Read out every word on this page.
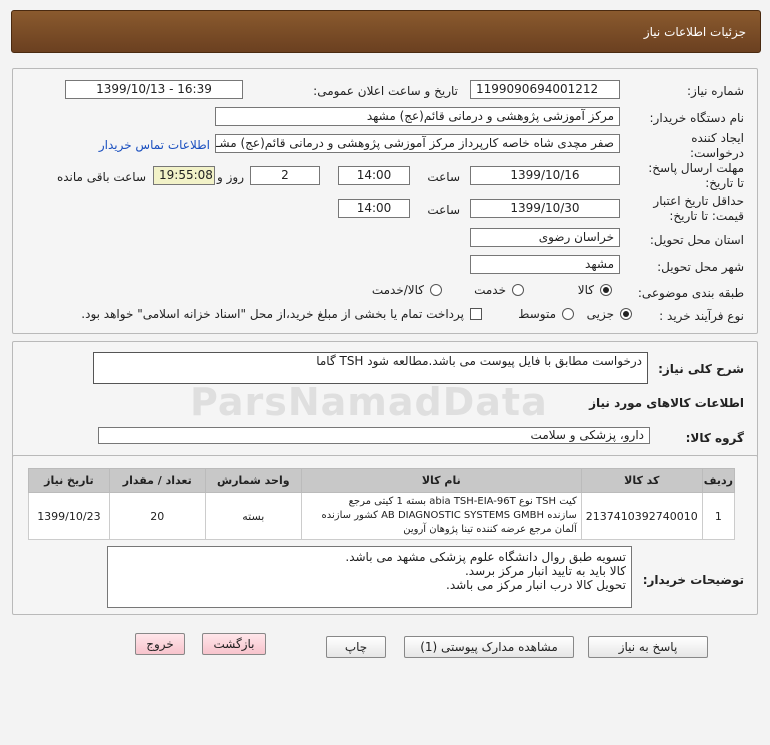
جزئیات اطلاعات نیاز
شماره نیاز:
1199090694001212
تاریخ و ساعت اعلان عمومی:
1399/10/13 - 16:39
نام دستگاه خریدار:
مرکز آموزشی پژوهشی و درمانی قائم(عج) مشهد
ایجاد کننده درخواست:
صفر مچدی شاه خاصه کارپرداز مرکز آموزشی پژوهشی و درمانی قائم(عج) مشـ
اطلاعات تماس خریدار
مهلت ارسال پاسخ: تا تاریخ:
1399/10/16
ساعت
14:00
2
روز و
19:55:08
ساعت باقی مانده
حداقل تاریخ اعتبار قیمت: تا تاریخ:
1399/10/30
ساعت
14:00
استان محل تحویل:
خراسان رضوی
شهر محل تحویل:
مشهد
طبقه بندی موضوعی:
کالا
خدمت
کالا/خدمت
نوع فرآیند خرید :
جزیی
متوسط
پرداخت تمام یا بخشی از مبلغ خرید،از محل "اسناد خزانه اسلامی" خواهد بود.
شرح کلی نیاز:
درخواست مطابق با فایل پیوست می باشد.مطالعه شود TSH گاما
اطلاعات کالاهای مورد نیاز
گروه کالا:
دارو، پزشکی و سلامت
ردیف	کد کالا	نام کالا	واحد شمارش	تعداد / مقدار	تاریخ نیاز
1	2137410392740010	کیت TSH نوع abia TSH-EIA-96T بسته 1 کیتی مرجع
سازنده AB DIAGNOSTIC SYSTEMS GMBH کشور سازنده
آلمان مرجع عرضه کننده تینا پژوهان آروین	بسته	20	1399/10/23
توضیحات خریدار:
تسویه طبق روال دانشگاه علوم پزشکی مشهد می باشد.
کالا باید به تایید انبار مرکز برسد.
تحویل کالا درب انبار مرکز می باشد.
پاسخ به نیاز
مشاهده مدارک پیوستی (1)
چاپ
بازگشت
خروج
ParsNamadData
